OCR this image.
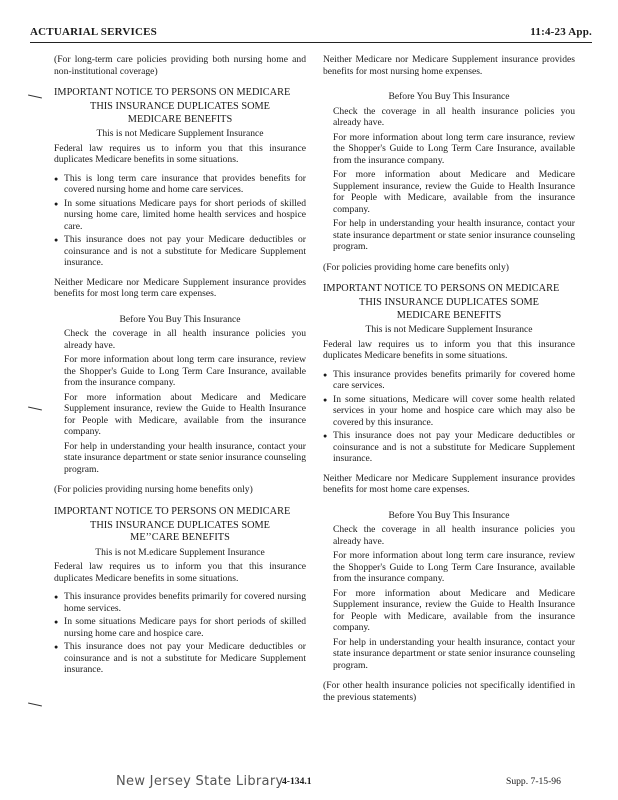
ACTUARIAL SERVICES	11:4-23 App.

(For long-term care policies providing both nursing home and non-institutional coverage)

IMPORTANT NOTICE TO PERSONS ON MEDICARE
THIS INSURANCE DUPLICATES SOME
MEDICARE BENEFITS
This is not Medicare Supplement Insurance

Federal law requires us to inform you that this insurance duplicates Medicare benefits in some situations.

● This is long term care insurance that provides benefits for covered nursing home and home care services.
● In some situations Medicare pays for short periods of skilled nursing home care, limited home health services and hospice care.
● This insurance does not pay your Medicare deductibles or coinsurance and is not a substitute for Medicare Supplement insurance.

Neither Medicare nor Medicare Supplement insurance provides benefits for most long term care expenses.

Before You Buy This Insurance

Check the coverage in all health insurance policies you already have.

For more information about long term care insurance, review the Shopper's Guide to Long Term Care Insurance, available from the insurance company.

For more information about Medicare and Medicare Supplement insurance, review the Guide to Health Insurance for People with Medicare, available from the insurance company.

For help in understanding your health insurance, contact your state insurance department or state senior insurance counseling program.

(For policies providing nursing home benefits only)

IMPORTANT NOTICE TO PERSONS ON MEDICARE
THIS INSURANCE DUPLICATES SOME
ME’’CARE BENEFITS
This is not M.edicare Supplement Insurance

Federal law requires us to inform you that this insurance duplicates Medicare benefits in some situations.

● This insurance provides benefits primarily for covered nursing home services.
● In some situations Medicare pays for short periods of skilled nursing home care and hospice care.
● This insurance does not pay your Medicare deductibles or coinsurance and is not a substitute for Medicare Supplement insurance.

Neither Medicare nor Medicare Supplement insurance provides benefits for most nursing home expenses.

Before You Buy This Insurance

Check the coverage in all health insurance policies you already have.

For more information about long term care insurance, review the Shopper's Guide to Long Term Care Insurance, available from the insurance company.

For more information about Medicare and Medicare Supplement insurance, review the Guide to Health Insurance for People with Medicare, available from the insurance company.

For help in understanding your health insurance, contact your state insurance department or state senior insurance counseling program.

(For policies providing home care benefits only)

IMPORTANT NOTICE TO PERSONS ON MEDICARE
THIS INSURANCE DUPLICATES SOME
MEDICARE BENEFITS
This is not Medicare Supplement Insurance

Federal law requires us to inform you that this insurance duplicates Medicare benefits in some situations.

● This insurance provides benefits primarily for covered home care services.
● In some situations, Medicare will cover some health related services in your home and hospice care which may also be covered by this insurance.
● This insurance does not pay your Medicare deductibles or coinsurance and is not a substitute for Medicare Supplement insurance.

Neither Medicare nor Medicare Supplement insurance provides benefits for most home care expenses.

Before You Buy This Insurance

Check the coverage in all health insurance policies you already have.

For more information about long term care insurance, review the Shopper's Guide to Long Term Care Insurance, available from the insurance company.

For more information about Medicare and Medicare Supplement insurance, review the Guide to Health Insurance for People with Medicare, available from the insurance company.

For help in understanding your health insurance, contact your state insurance department or state senior insurance counseling program.

(For other health insurance policies not specifically identified in the previous statements)

New Jersey State Library
4-134.1	Supp. 7-15-96
